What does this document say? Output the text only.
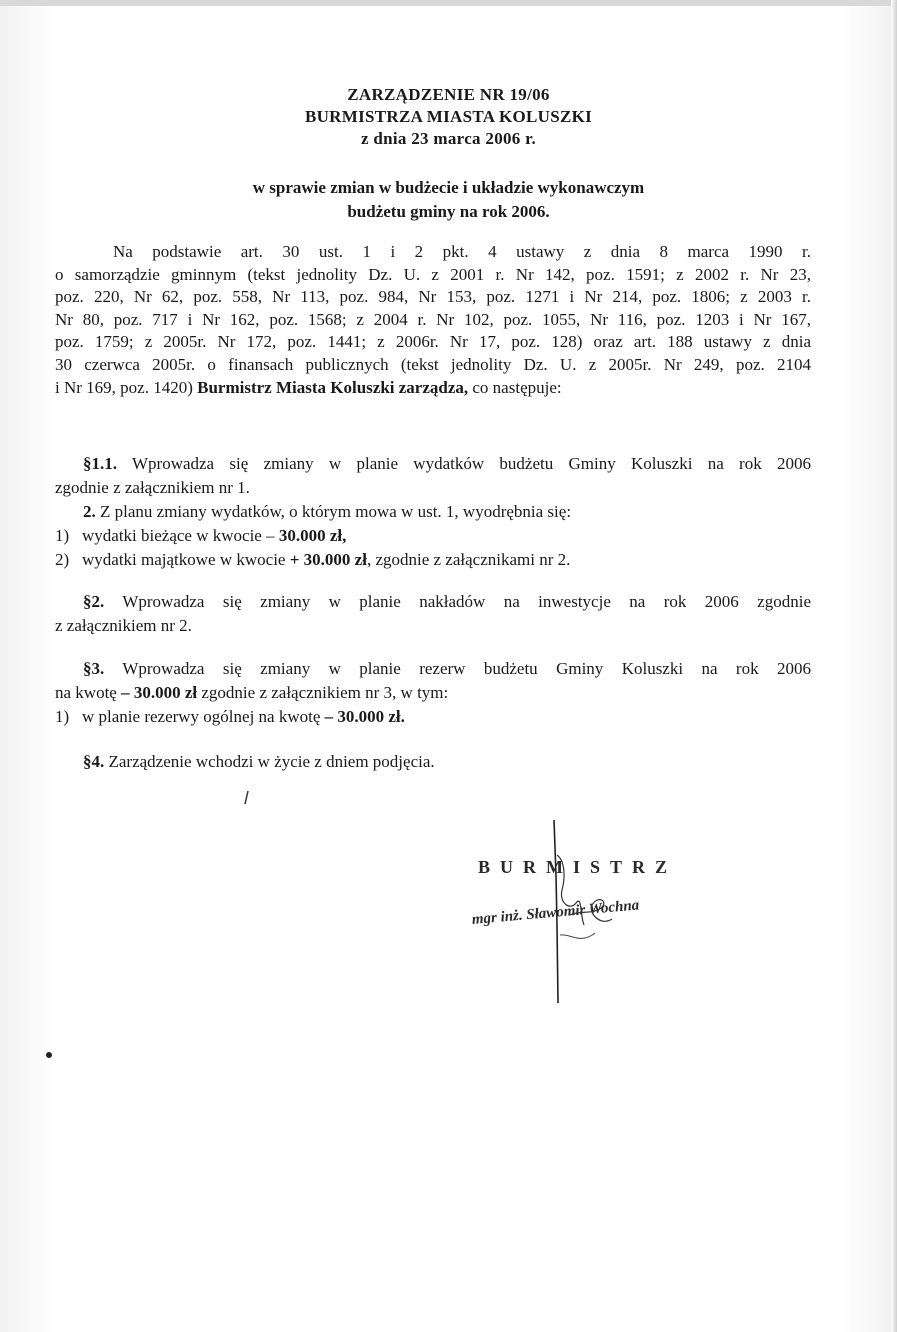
ZARZĄDZENIE NR 19/06
BURMISTRZA MIASTA KOLUSZKI
z dnia 23 marca 2006 r.
w sprawie zmian w budżecie i układzie wykonawczym
budżetu gminy na rok 2006.
Na podstawie art. 30 ust. 1 i 2 pkt. 4 ustawy z dnia 8 marca 1990 r.
o samorządzie gminnym (tekst jednolity Dz. U. z 2001 r. Nr 142, poz. 1591; z 2002 r. Nr 23,
poz. 220, Nr 62, poz. 558, Nr 113, poz. 984, Nr 153, poz. 1271 i Nr 214, poz. 1806; z 2003 r.
Nr 80, poz. 717 i Nr 162, poz. 1568; z 2004 r. Nr 102, poz. 1055, Nr 116, poz. 1203 i Nr 167,
poz. 1759; z 2005r. Nr 172, poz. 1441; z 2006r. Nr 17, poz. 128) oraz art. 188 ustawy z dnia
30 czerwca 2005r. o finansach publicznych (tekst jednolity Dz. U. z 2005r. Nr 249, poz. 2104
i Nr 169, poz. 1420) Burmistrz Miasta Koluszki zarządza, co następuje:
§1.1. Wprowadza się zmiany w planie wydatków budżetu Gminy Koluszki na rok 2006
zgodnie z załącznikiem nr 1.
2. Z planu zmiany wydatków, o którym mowa w ust. 1, wyodrębnia się:
1) wydatki bieżące w kwocie – 30.000 zł,
2) wydatki majątkowe w kwocie + 30.000 zł, zgodnie z załącznikami nr 2.
§2. Wprowadza się zmiany w planie nakładów na inwestycje na rok 2006 zgodnie
z załącznikiem nr 2.
§3. Wprowadza się zmiany w planie rezerw budżetu Gminy Koluszki na rok 2006
na kwotę – 30.000 zł zgodnie z załącznikiem nr 3, w tym:
1) w planie rezerwy ogólnej na kwotę – 30.000 zł.
§4. Zarządzenie wchodzi w życie z dniem podjęcia.
BURMISTRZ
mgr inż. Sławomir Wochna
